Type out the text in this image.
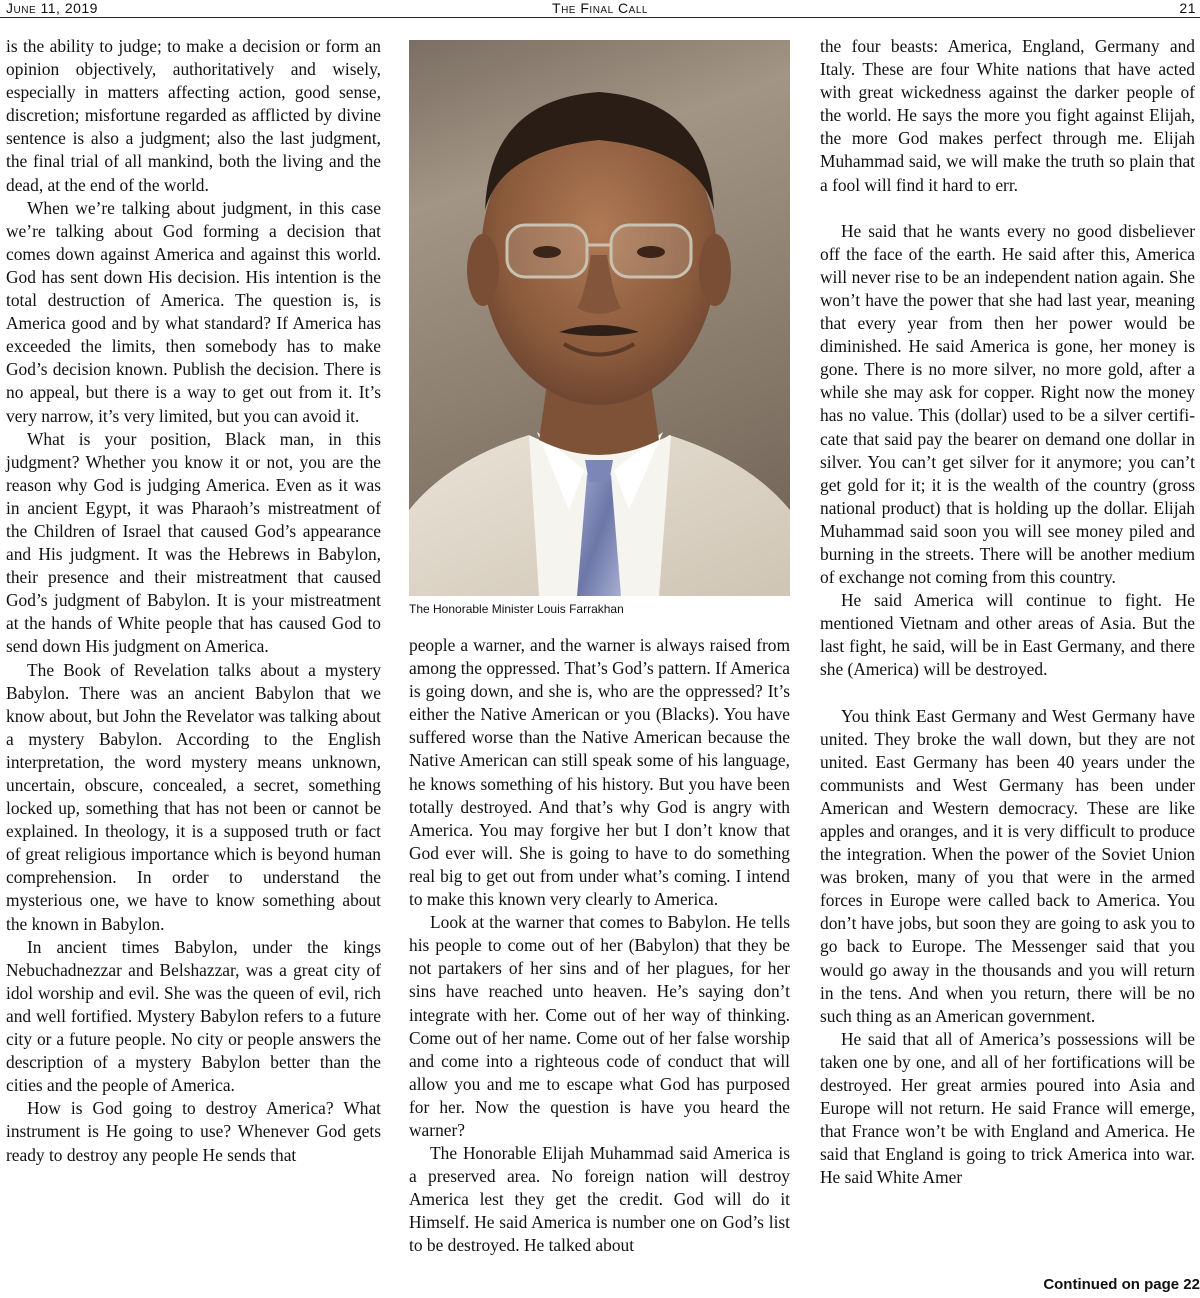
June 11, 2019	The Final Call	21

is the ability to judge; to make a decision or form an opinion objectively, authoritatively and wisely, especially in matters affecting action, good sense, discretion; misfortune regarded as afflicted by divine sentence is also a judgment; also the last judgment, the final trial of all mankind, both the living and the dead, at the end of the world.

When we’re talking about judgment, in this case we’re talking about God forming a decision that comes down against America and against this world. God has sent down His decision. His intention is the total destruction of America. The question is, is America good and by what standard? If America has exceeded the limits, then somebody has to make God’s decision known. Publish the decision. There is no appeal, but there is a way to get out from it. It’s very narrow, it’s very limited, but you can avoid it.

What is your position, Black man, in this judgment? Whether you know it or not, you are the reason why God is judging America. Even as it was in ancient Egypt, it was Pharaoh’s mistreatment of the Children of Israel that caused God’s appearance and His judgment. It was the Hebrews in Babylon, their presence and their mistreatment that caused God’s judgment of Babylon. It is your mistreatment at the hands of White people that has caused God to send down His judgment on America.

The Book of Revelation talks about a mystery Babylon. There was an ancient Babylon that we know about, but John the Revelator was talking about a mystery Babylon. According to the English interpretation, the word mystery means unknown, uncertain, obscure, concealed, a secret, something locked up, something that has not been or cannot be explained. In theology, it is a supposed truth or fact of great religious importance which is beyond human comprehension. In order to understand the mysterious one, we have to know something about the known in Babylon.

In ancient times Babylon, under the kings Nebuchadnezzar and Belshazzar, was a great city of idol worship and evil. She was the queen of evil, rich and well fortified. Mystery Babylon refers to a future city or a future people. No city or people answers the description of a mystery Babylon better than the cities and the people of America.

How is God going to destroy America? What instrument is He going to use? Whenever God gets ready to destroy any people He sends that

The Honorable Minister Louis Farrakhan

people a warner, and the warner is always raised from among the oppressed. That’s God’s pattern. If America is going down, and she is, who are the oppressed? It’s either the Native American or you (Blacks). You have suffered worse than the Native American because the Native American can still speak some of his language, he knows something of his history. But you have been totally destroyed. And that’s why God is angry with America. You may forgive her but I don’t know that God ever will. She is going to have to do something real big to get out from under what’s coming. I intend to make this known very clearly to America.

Look at the warner that comes to Babylon. He tells his people to come out of her (Babylon) that they be not partakers of her sins and of her plagues, for her sins have reached unto heaven. He’s saying don’t integrate with her. Come out of her way of thinking. Come out of her name. Come out of her false worship and come into a righteous code of conduct that will allow you and me to escape what God has purposed for her. Now the question is have you heard the warner?

The Honorable Elijah Muhammad said America is a preserved area. No foreign nation will destroy America lest they get the credit. God will do it Himself. He said America is number one on God’s list to be destroyed. He talked about

the four beasts: America, England, Germany and Italy. These are four White nations that have acted with great wickedness against the darker people of the world. He says the more you fight against Elijah, the more God makes perfect through me. Elijah Muhammad said, we will make the truth so plain that a fool will find it hard to err.

He said that he wants every no good disbeliever off the face of the earth. He said after this, America will never rise to be an independent nation again. She won’t have the power that she had last year, meaning that every year from then her power would be diminished. He said America is gone, her money is gone. There is no more silver, no more gold, after a while she may ask for copper. Right now the money has no value. This (dollar) used to be a silver certificate that said pay the bearer on demand one dollar in silver. You can’t get silver for it anymore; you can’t get gold for it; it is the wealth of the country (gross national product) that is holding up the dollar. Elijah Muhammad said soon you will see money piled and burning in the streets. There will be another medium of exchange not coming from this country.

He said America will continue to fight. He mentioned Vietnam and other areas of Asia. But the last fight, he said, will be in East Germany, and there she (America) will be destroyed.

You think East Germany and West Germany have united. They broke the wall down, but they are not united. East Germany has been 40 years under the communists and West Germany has been under American and Western democracy. These are like apples and oranges, and it is very difficult to produce the integration. When the power of the Soviet Union was broken, many of you that were in the armed forces in Europe were called back to America. You don’t have jobs, but soon they are going to ask you to go back to Europe. The Messenger said that you would go away in the thousands and you will return in the tens. And when you return, there will be no such thing as an American government.

He said that all of America’s possessions will be taken one by one, and all of her fortifications will be destroyed. Her great armies poured into Asia and Europe will not return. He said France will emerge, that France won’t be with England and America. He said that England is going to trick America into war. He said White Amer

Continued on page 22
